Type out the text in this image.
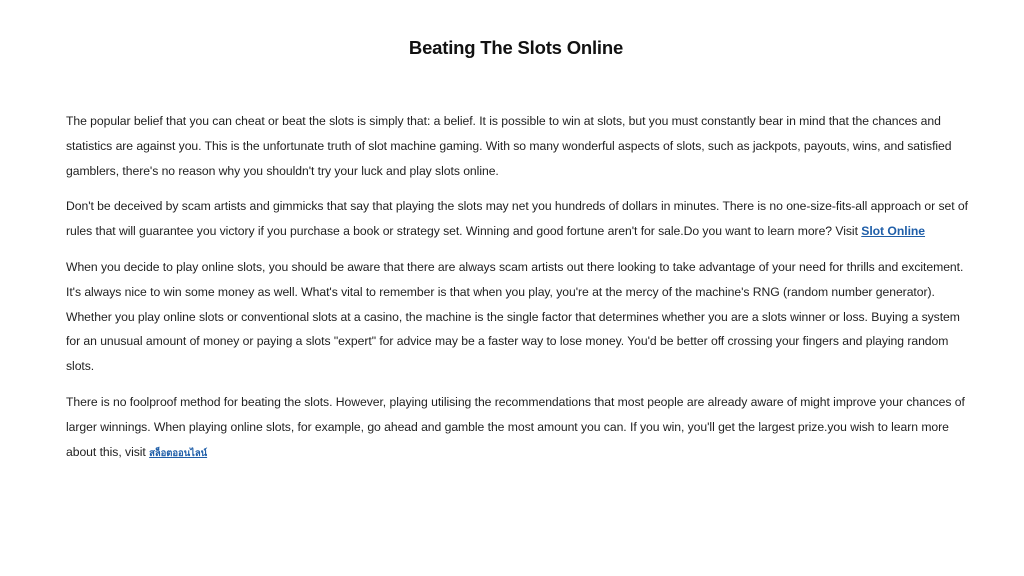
Beating The Slots Online

The popular belief that you can cheat or beat the slots is simply that: a belief. It is possible to win at slots, but you must constantly bear in mind that the chances and statistics are against you. This is the unfortunate truth of slot machine gaming. With so many wonderful aspects of slots, such as jackpots, payouts, wins, and satisfied gamblers, there's no reason why you shouldn't try your luck and play slots online.

Don't be deceived by scam artists and gimmicks that say that playing the slots may net you hundreds of dollars in minutes. There is no one-size-fits-all approach or set of rules that will guarantee you victory if you purchase a book or strategy set. Winning and good fortune aren't for sale.Do you want to learn more? Visit Slot Online

When you decide to play online slots, you should be aware that there are always scam artists out there looking to take advantage of your need for thrills and excitement. It's always nice to win some money as well. What's vital to remember is that when you play, you're at the mercy of the machine's RNG (random number generator). Whether you play online slots or conventional slots at a casino, the machine is the single factor that determines whether you are a slots winner or loss. Buying a system for an unusual amount of money or paying a slots "expert" for advice may be a faster way to lose money. You'd be better off crossing your fingers and playing random slots.

There is no foolproof method for beating the slots. However, playing utilising the recommendations that most people are already aware of might improve your chances of larger winnings. When playing online slots, for example, go ahead and gamble the most amount you can. If you win, you'll get the largest prize.you wish to learn more about this, visit สล็อตออนไลน์
